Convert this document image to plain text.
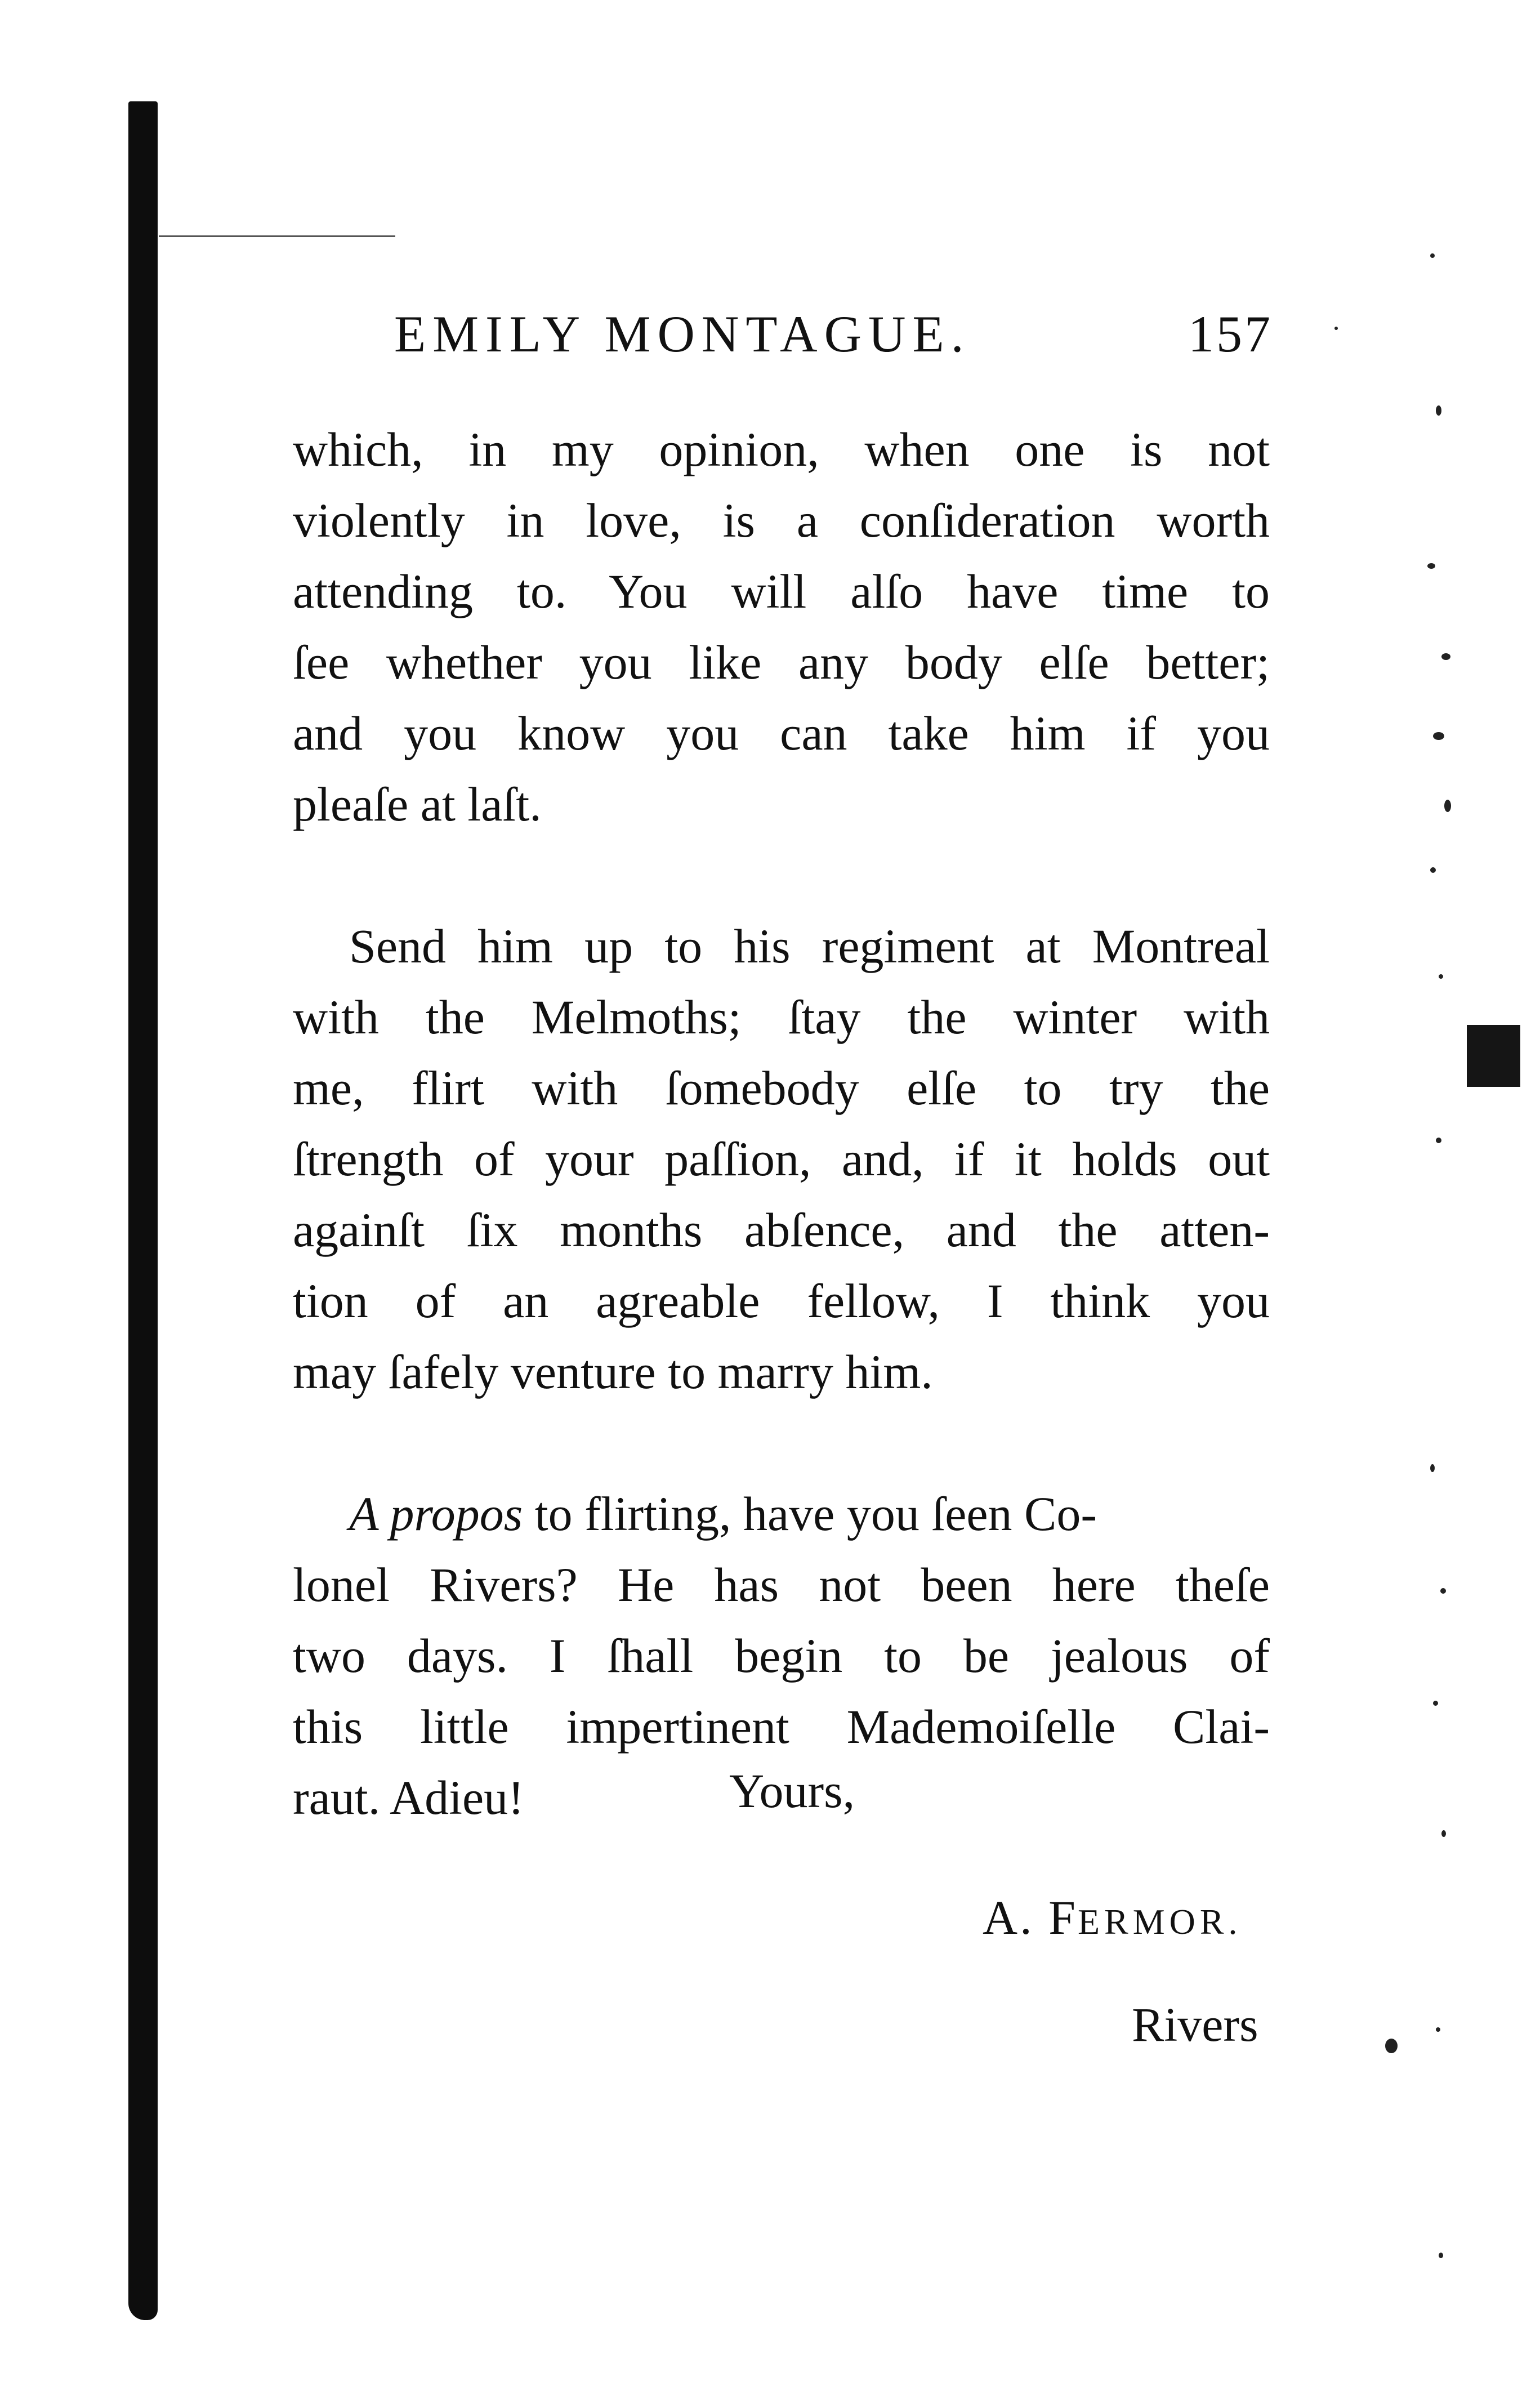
EMILY MONTAGUE.	157

which, in my opinion, when one is not

violently in love, is a conſideration worth

attending to. You will alſo have time to

ſee whether you like any body elſe better;

and you know you can take him if you

pleaſe at laſt.

Send him up to his regiment at Montreal

with the Melmoths; ſtay the winter with

me, flirt with ſomebody elſe to try the

ſtrength of your paſſion, and, if it holds out

againſt ſix months abſence, and the atten-

tion of an agreable fellow, I think you

may ſafely venture to marry him.

A propos to flirting, have you ſeen Co-

lonel Rivers? He has not been here theſe

two days. I ſhall begin to be jealous of

this little impertinent Mademoiſelle Clai-

raut. Adieu!	Yours,
A. FERMOR.
Rivers
